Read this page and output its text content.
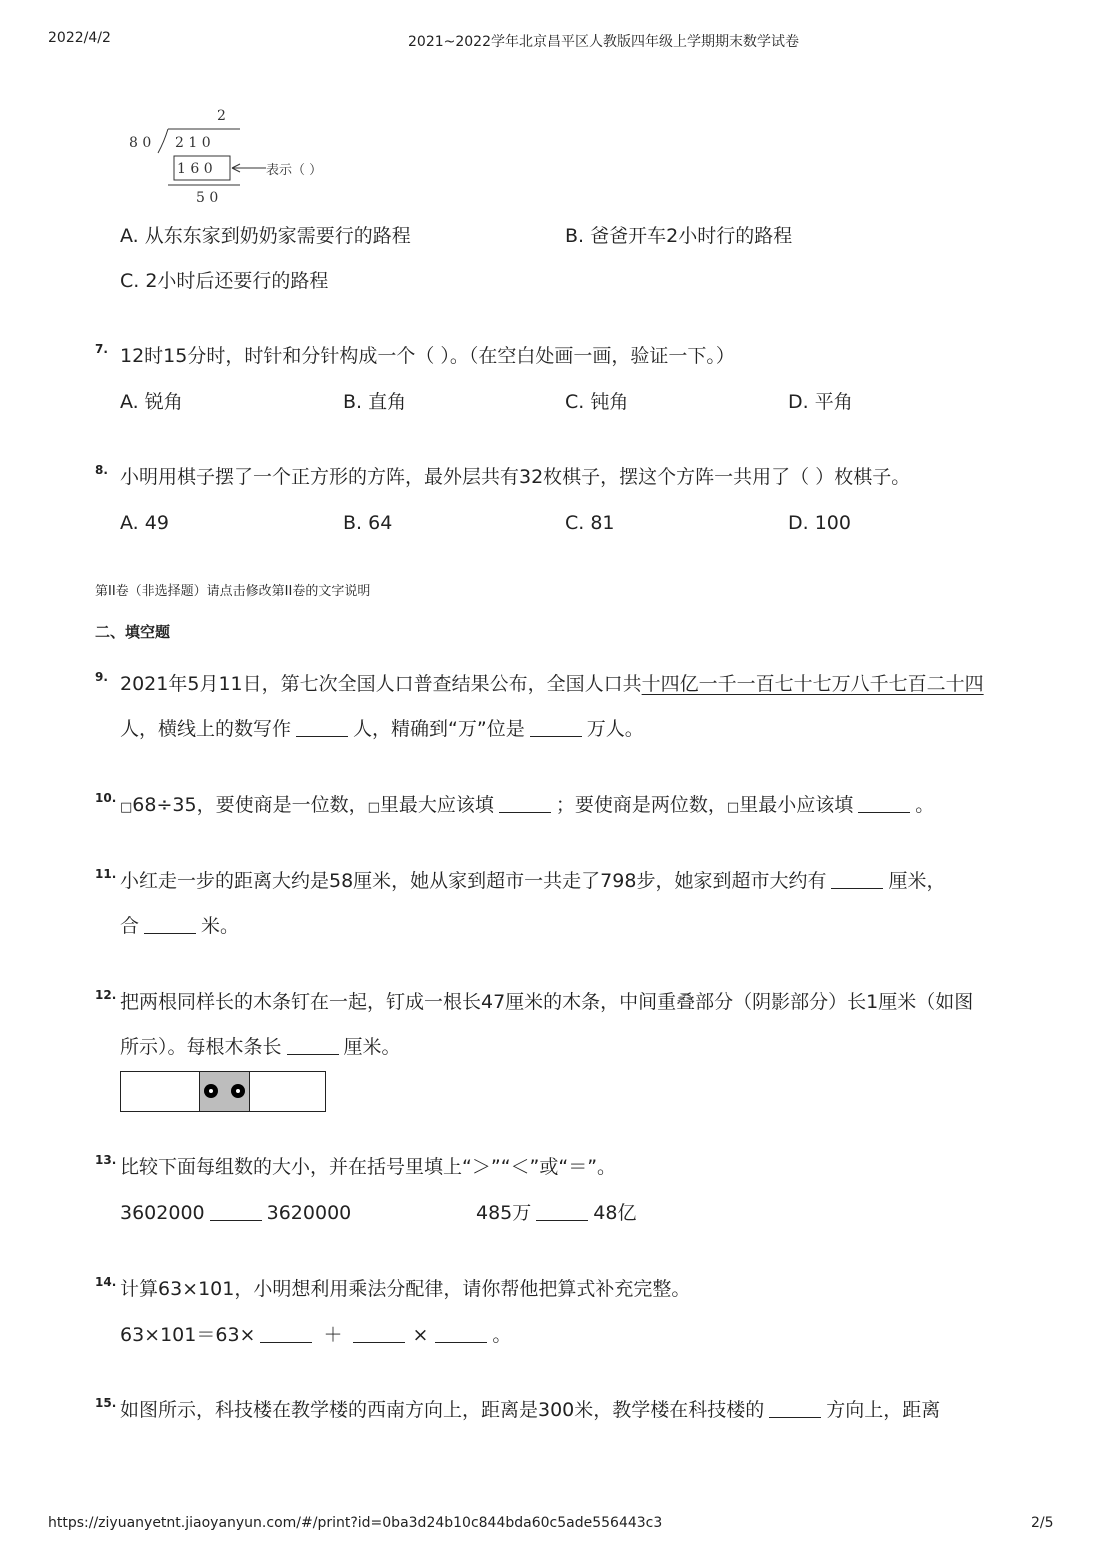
2022/4/2	2021~2022学年北京昌平区人教版四年级上学期期末数学试卷
2
8 0 2 1 0
1 6 0
5 0
表示（ ）
A. 从东东家到奶奶家需要行的路程	B. 爸爸开车2小时行的路程
C. 2小时后还要行的路程
7. 12时15分时，时针和分针构成一个（ ）。（在空白处画一画，验证一下。）
A. 锐角	B. 直角	C. 钝角	D. 平角
8. 小明用棋子摆了一个正方形的方阵，最外层共有32枚棋子，摆这个方阵一共用了（ ）枚棋子。
A. 49	B. 64	C. 81	D. 100
第II卷（非选择题）请点击修改第II卷的文字说明
二、填空题
9. 2021年5月11日，第七次全国人口普查结果公布，全国人口共十四亿一千一百七十七万八千七百二十四
人，横线上的数写作	人，精确到“万”位是	万人。
10.
□68÷35，要使商是一位数，□里最大应该填	；要使商是两位数，□里最小应该填	。
11. 小红走一步的距离大约是58厘米，她从家到超市一共走了798步，她家到超市大约有	厘米，
合	米。
12. 把两根同样长的木条钉在一起，钉成一根长47厘米的木条，中间重叠部分（阴影部分）长1厘米（如图
所示）。每根木条长	厘米。
13. 比较下面每组数的大小，并在括号里填上“＞”“＜”或“＝”。
3602000	3620000	485万	48亿
14. 计算63×101，小明想利用乘法分配律，请你帮他把算式补充完整。
63×101＝63×	＋	×	。
15. 如图所示，科技楼在教学楼的西南方向上，距离是300米，教学楼在科技楼的	方向上，距离
https://ziyuanyetnt.jiaoyanyun.com/#/print?id=0ba3d24b10c844bda60c5ade556443c3	2/5
